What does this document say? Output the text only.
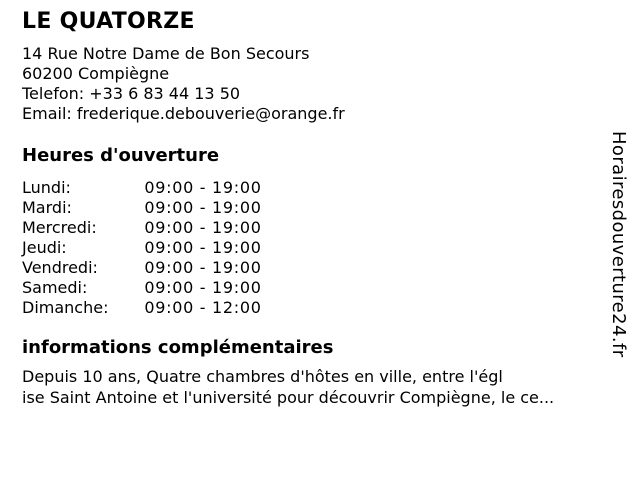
LE QUATORZE
14 Rue Notre Dame de Bon Secours
60200 Compiègne
Telefon: +33 6 83 44 13 50
Email: frederique.debouverie@orange.fr
Heures d'ouverture
Lundi:	09:00 - 19:00
Mardi:	09:00 - 19:00
Mercredi:	09:00 - 19:00
Jeudi:	09:00 - 19:00
Vendredi:	09:00 - 19:00
Samedi:	09:00 - 19:00
Dimanche:	09:00 - 12:00
informations complémentaires
Depuis 10 ans, Quatre chambres d'hôtes en ville, entre l'égl
ise Saint Antoine et l'université pour découvrir Compiègne, le ce...
Horairesdouverture24.fr
